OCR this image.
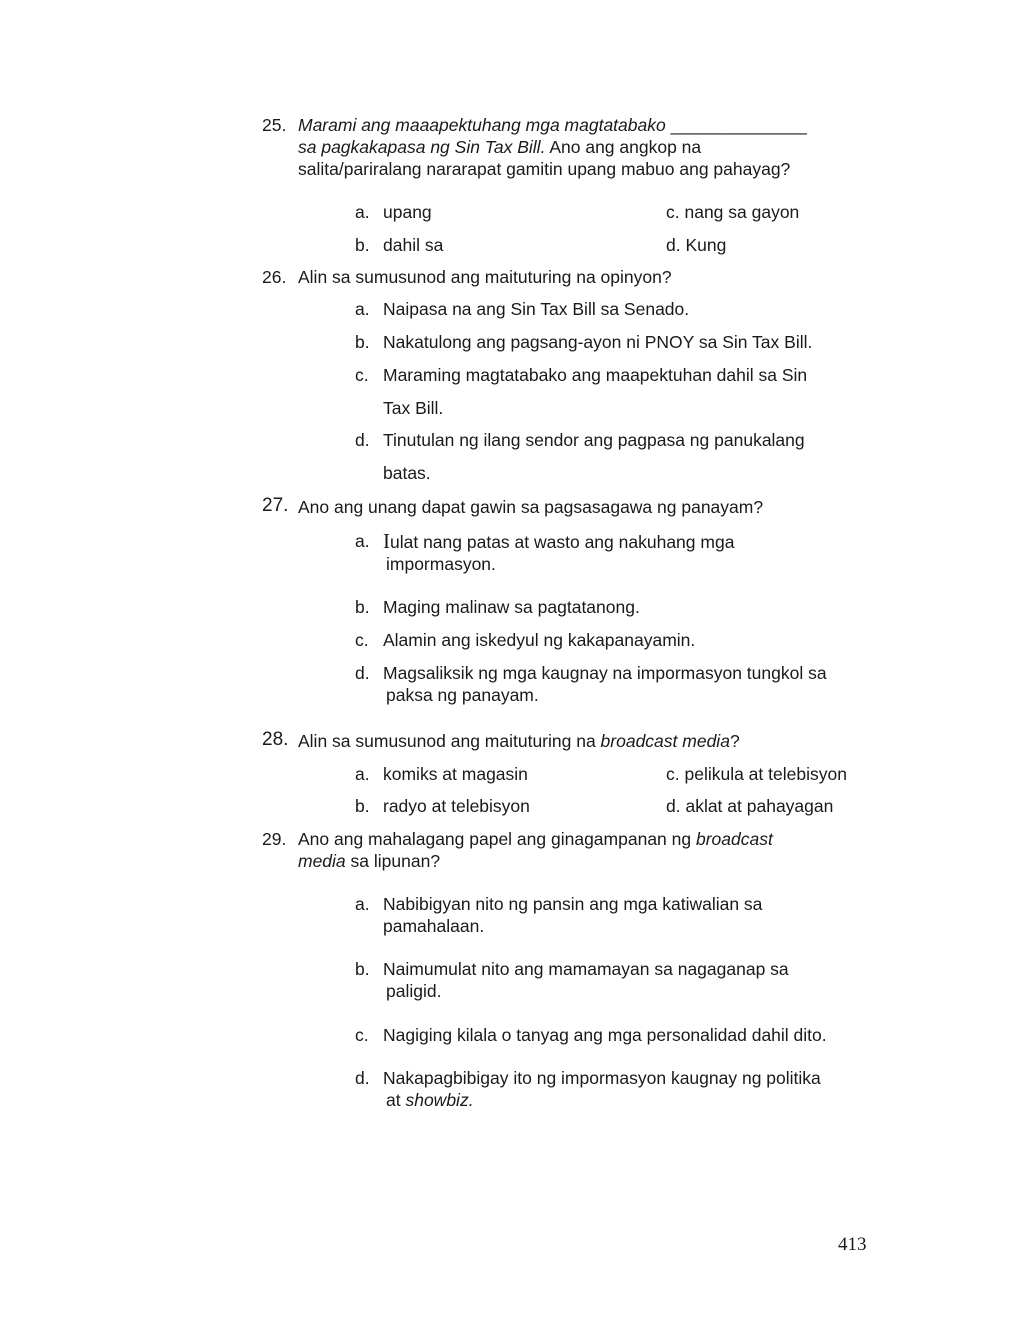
25. Marami ang maaapektuhang mga magtatabako ______________
sa pagkakapasa ng Sin Tax Bill. Ano ang angkop na
salita/pariralang nararapat gamitin upang mabuo ang pahayag?
a. upang	c. nang sa gayon
b. dahil sa	d. Kung
26. Alin sa sumusunod ang maituturing na opinyon?
a. Naipasa na ang Sin Tax Bill sa Senado.
b. Nakatulong ang pagsang-ayon ni PNOY sa Sin Tax Bill.
c. Maraming magtatabako ang maapektuhan dahil sa Sin Tax Bill.
d. Tinutulan ng ilang sendor ang pagpasa ng panukalang batas.
27. Ano ang unang dapat gawin sa pagsasagawa ng panayam?
a. Iulat nang patas at wasto ang nakuhang mga
impormasyon.
b. Maging malinaw sa pagtatanong.
c. Alamin ang iskedyul ng kakapanayamin.
d. Magsaliksik ng mga kaugnay na impormasyon tungkol sa
paksa ng panayam.
28. Alin sa sumusunod ang maituturing na broadcast media?
a. komiks at magasin	c. pelikula at telebisyon
b. radyo at telebisyon	d. aklat at pahayagan
29. Ano ang mahalagang papel ang ginagampanan ng broadcast
media sa lipunan?
a. Nabibigyan nito ng pansin ang mga katiwalian sa
pamahalaan.
b. Naimumulat nito ang mamamayan sa nagaganap sa
paligid.
c. Nagiging kilala o tanyag ang mga personalidad dahil dito.
d. Nakapagbibigay ito ng impormasyon kaugnay ng politika
at showbiz.
413
